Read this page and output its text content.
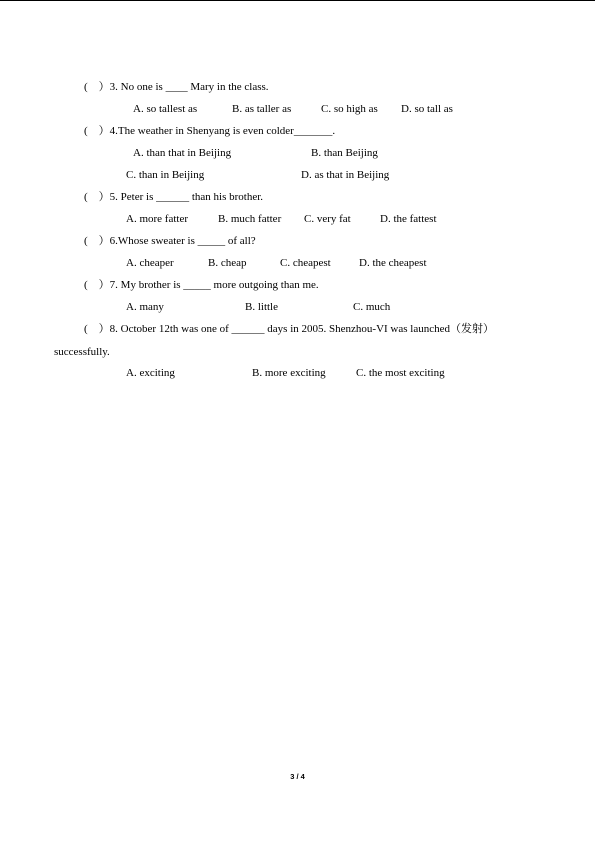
(　）3. No one is ____ Mary in the class.
A. so tallest as	B. as taller as	C. so high as D. so tall as
(　）4.The weather in Shenyang is even colder_______.
A. than that in Beijing	B. than Beijing
C. than in Beijing	D. as that in Beijing
(　）5. Peter is ______ than his brother.
A. more fatter	B. much fatter C. very fat	D. the fattest
(　）6.Whose sweater is _____ of all?
A. cheaper	B. cheap	C. cheapest	D. the cheapest
(　）7. My brother is _____ more outgoing than me.
A. many	B. little	C. much
(　）8. October 12th was one of ______ days in 2005. Shenzhou-VI was launched（发射）
successfully.
A. exciting	B. more exciting	C. the most exciting
3 / 4
